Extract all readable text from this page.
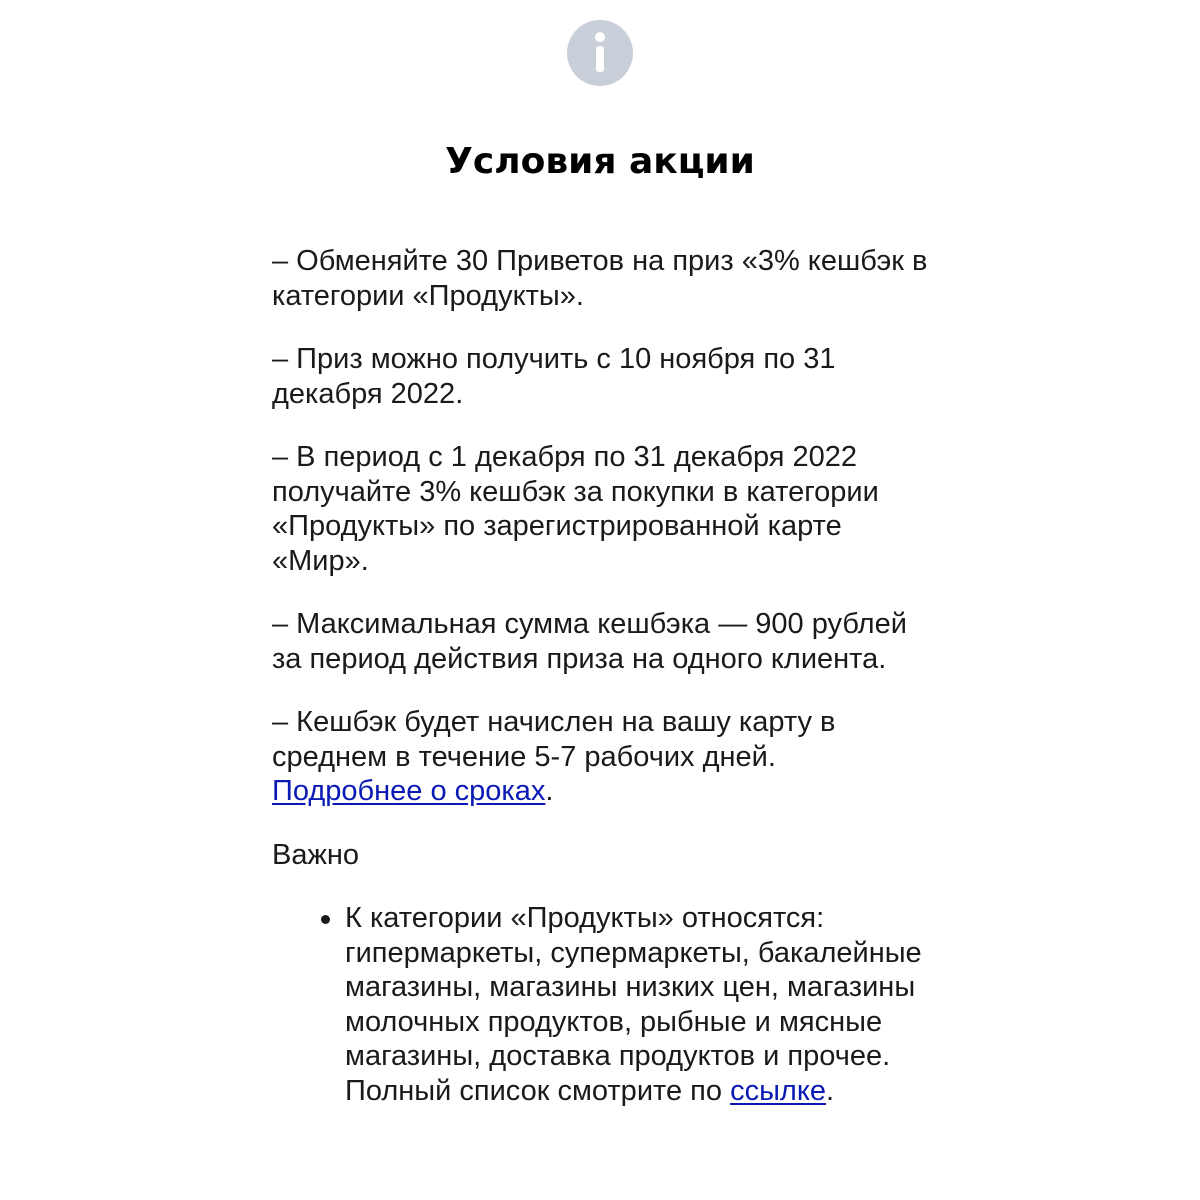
Условия акции

– Обменяйте 30 Приветов на приз «3% кешбэк в категории «Продукты».

– Приз можно получить с 10 ноября по 31 декабря 2022.

– В период с 1 декабря по 31 декабря 2022 получайте 3% кешбэк за покупки в категории «Продукты» по зарегистрированной карте «Мир».

– Максимальная сумма кешбэка — 900 рублей за период действия приза на одного клиента.

– Кешбэк будет начислен на вашу карту в среднем в течение 5-7 рабочих дней. Подробнее о сроках.

Важно

К категории «Продукты» относятся: гипермаркеты, супермаркеты, бакалейные магазины, магазины низких цен, магазины молочных продуктов, рыбные и мясные магазины, доставка продуктов и прочее. Полный список смотрите по ссылке.
